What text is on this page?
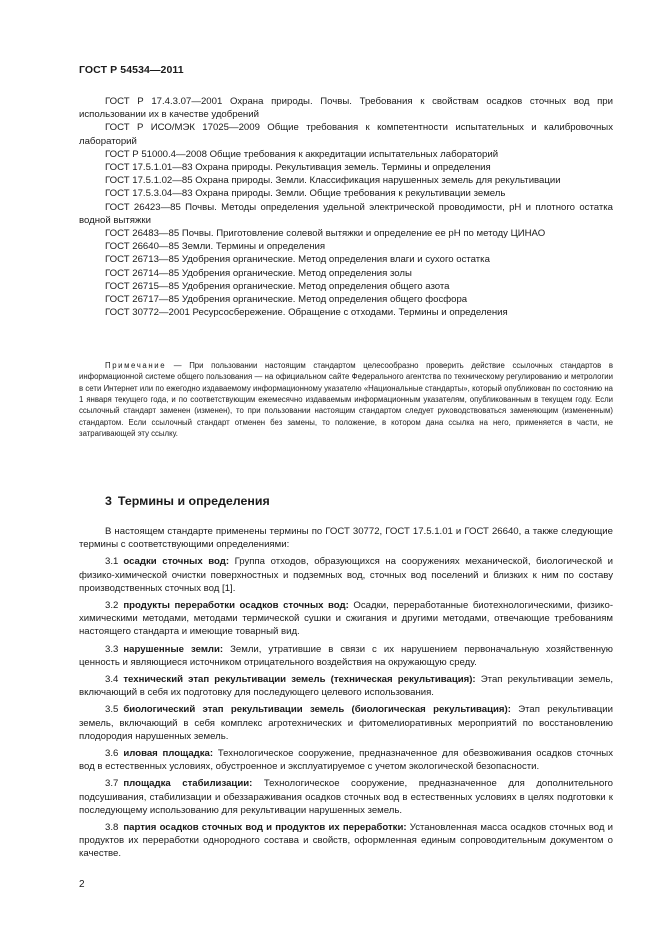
ГОСТ Р 54534—2011

ГОСТ Р 17.4.3.07—2001 Охрана природы. Почвы. Требования к свойствам осадков сточных вод при использовании их в качестве удобрений

ГОСТ Р ИСО/МЭК 17025—2009 Общие требования к компетентности испытательных и калибровочных лабораторий

ГОСТ Р 51000.4—2008 Общие требования к аккредитации испытательных лабораторий

ГОСТ 17.5.1.01—83 Охрана природы. Рекультивация земель. Термины и определения

ГОСТ 17.5.1.02—85 Охрана природы. Земли. Классификация нарушенных земель для рекультивации

ГОСТ 17.5.3.04—83 Охрана природы. Земли. Общие требования к рекультивации земель

ГОСТ 26423—85 Почвы. Методы определения удельной электрической проводимости, pH и плотного остатка водной вытяжки

ГОСТ 26483—85 Почвы. Приготовление солевой вытяжки и определение ее pH по методу ЦИНАО

ГОСТ 26640—85 Земли. Термины и определения

ГОСТ 26713—85 Удобрения органические. Метод определения влаги и сухого остатка

ГОСТ 26714—85 Удобрения органические. Метод определения золы

ГОСТ 26715—85 Удобрения органические. Метод определения общего азота

ГОСТ 26717—85 Удобрения органические. Метод определения общего фосфора

ГОСТ 30772—2001 Ресурсосбережение. Обращение с отходами. Термины и определения

Примечание — При пользовании настоящим стандартом целесообразно проверить действие ссылочных стандартов в информационной системе общего пользования — на официальном сайте Федерального агентства по техническому регулированию и метрологии в сети Интернет или по ежегодно издаваемому информационному указателю «Национальные стандарты», который опубликован по состоянию на 1 января текущего года, и по соответствующим ежемесячно издаваемым информационным указателям, опубликованным в текущем году. Если ссылочный стандарт заменен (изменен), то при пользовании настоящим стандартом следует руководствоваться заменяющим (измененным) стандартом. Если ссылочный стандарт отменен без замены, то положение, в котором дана ссылка на него, применяется в части, не затрагивающей эту ссылку.

3 Термины и определения

В настоящем стандарте применены термины по ГОСТ 30772, ГОСТ 17.5.1.01 и ГОСТ 26640, а также следующие термины с соответствующими определениями:

3.1 осадки сточных вод: Группа отходов, образующихся на сооружениях механической, биологической и физико-химической очистки поверхностных и подземных вод, сточных вод поселений и близких к ним по составу производственных сточных вод [1].

3.2 продукты переработки осадков сточных вод: Осадки, переработанные биотехнологическими, физико-химическими методами, методами термической сушки и сжигания и другими методами, отвечающие требованиям настоящего стандарта и имеющие товарный вид.

3.3 нарушенные земли: Земли, утратившие в связи с их нарушением первоначальную хозяйственную ценность и являющиеся источником отрицательного воздействия на окружающую среду.

3.4 технический этап рекультивации земель (техническая рекультивация): Этап рекультивации земель, включающий в себя их подготовку для последующего целевого использования.

3.5 биологический этап рекультивации земель (биологическая рекультивация): Этап рекультивации земель, включающий в себя комплекс агротехнических и фитомелиоративных мероприятий по восстановлению плодородия нарушенных земель.

3.6 иловая площадка: Технологическое сооружение, предназначенное для обезвоживания осадков сточных вод в естественных условиях, обустроенное и эксплуатируемое с учетом экологической безопасности.

3.7 площадка стабилизации: Технологическое сооружение, предназначенное для дополнительного подсушивания, стабилизации и обеззараживания осадков сточных вод в естественных условиях в целях подготовки к последующему использованию для рекультивации нарушенных земель.

3.8 партия осадков сточных вод и продуктов их переработки: Установленная масса осадков сточных вод и продуктов их переработки однородного состава и свойств, оформленная единым сопроводительным документом о качестве.

2
